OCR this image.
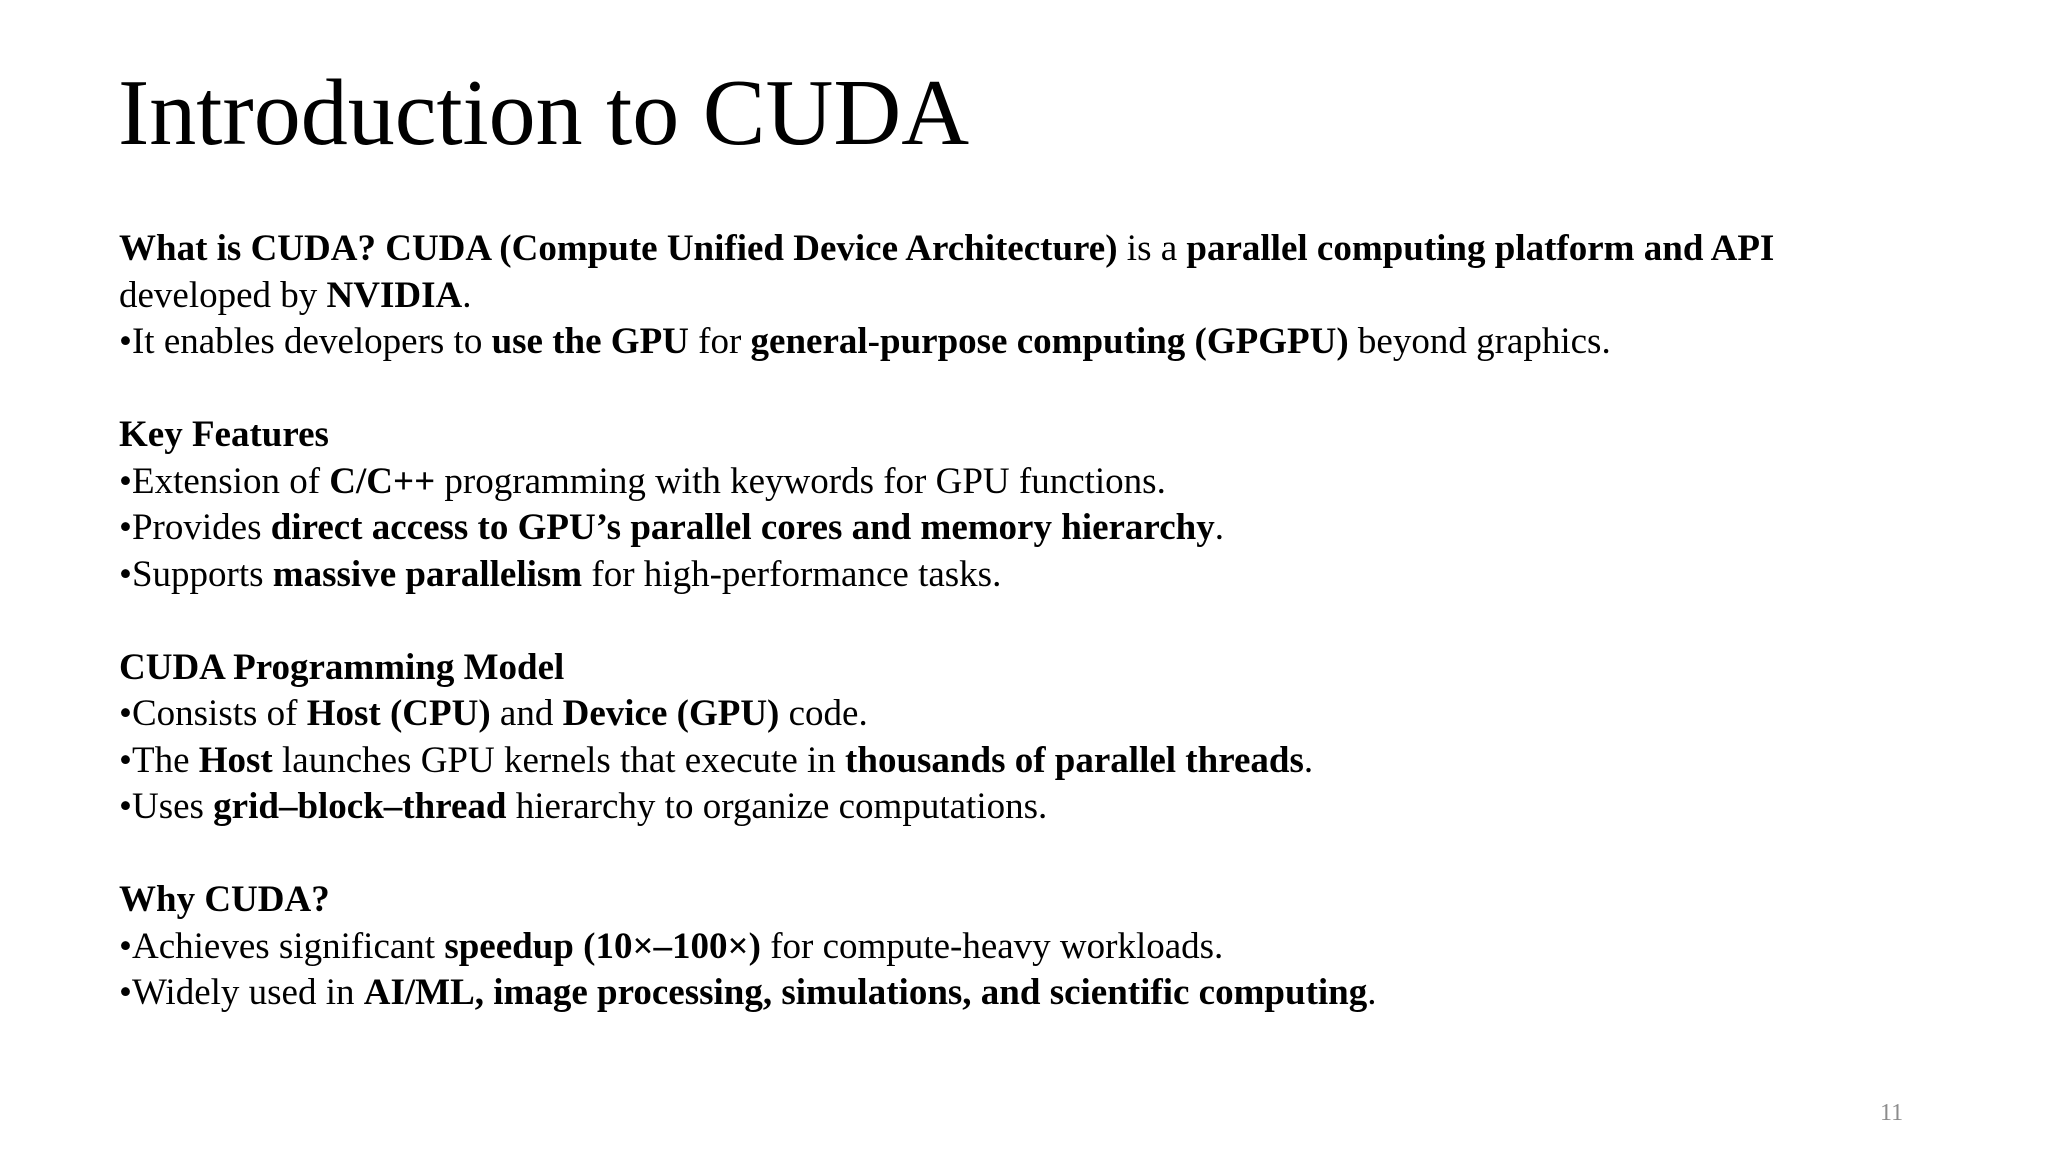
Introduction to CUDA
What is CUDA? CUDA (Compute Unified Device Architecture) is a parallel computing platform and API
developed by NVIDIA.
•It enables developers to use the GPU for general-purpose computing (GPGPU) beyond graphics.
Key Features
•Extension of C/C++ programming with keywords for GPU functions.
•Provides direct access to GPU’s parallel cores and memory hierarchy.
•Supports massive parallelism for high-performance tasks.
CUDA Programming Model
•Consists of Host (CPU) and Device (GPU) code.
•The Host launches GPU kernels that execute in thousands of parallel threads.
•Uses grid–block–thread hierarchy to organize computations.
Why CUDA?
•Achieves significant speedup (10×–100×) for compute-heavy workloads.
•Widely used in AI/ML, image processing, simulations, and scientific computing.
11
